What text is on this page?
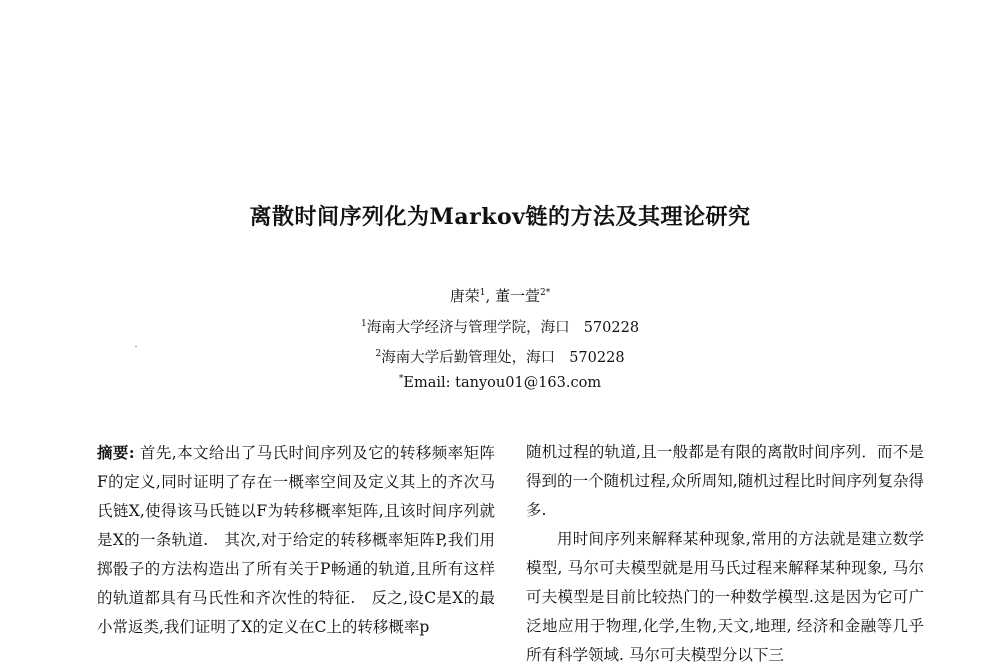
离散时间序列化为Markov链的方法及其理论研究
唐荣$^1$, 董一萱$^{2*}$
$^1$海南大学经济与管理学院，海口 570228
$^2$海南大学后勤管理处，海口 570228
*Email: tanyou01@163.com

摘要: 首先,本文给出了马氏时间序列及它的转移频率矩阵F的定义,同时证明了存在一概率空间及定义其上的齐次马氏链X,使得该马氏链以F为转移概率矩阵,且该时间序列就是X的一条轨道.　其次,对于给定的转移概率矩阵P,我们用掷骰子的方法构造出了所有关于P畅通的轨道,且所有这样的轨道都具有马氏性和齐次性的特征.　反之,设C是X的最小常返类,我们证明了X的定义在C上的转移概率p

随机过程的轨道,且一般都是有限的离散时间序列．而不是得到的一个随机过程,众所周知,随机过程比时间序列复杂得多.

用时间序列来解释某种现象,常用的方法就是建立数学模型, 马尔可夫模型就是用马氏过程来解释某种现象, 马尔可夫模型是目前比较热门的一种数学模型.这是因为它可广泛地应用于物理,化学,生物,天文,地理, 经济和金融等几乎所有科学领域. 马尔可夫模型分以下三
